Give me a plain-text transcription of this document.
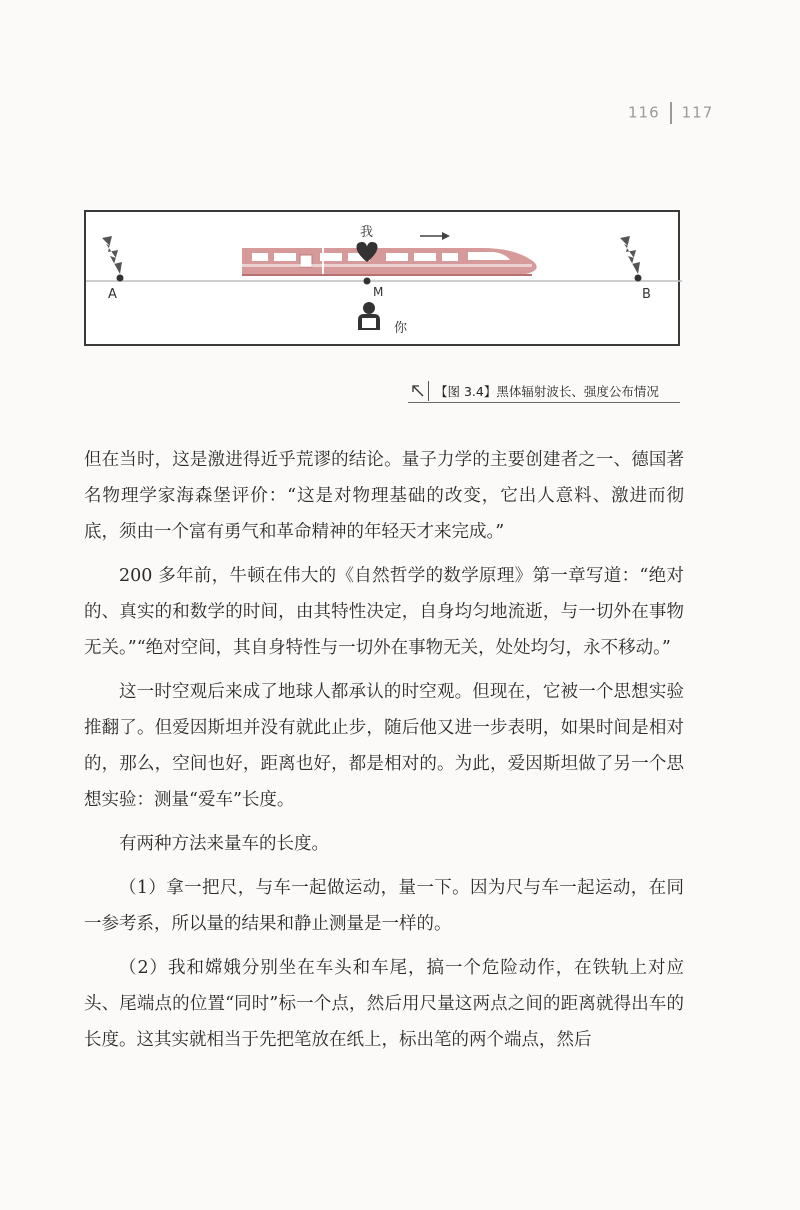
116 117
我
M
你
A	B
【图 3.4】黑体辐射波长、强度公布情况

但在当时，这是激进得近乎荒谬的结论。量子力学的主要创建者之一、德国著名物理学家海森堡评价：“这是对物理基础的改变，它出人意料、激进而彻底，须由一个富有勇气和革命精神的年轻天才来完成。”

200 多年前，牛顿在伟大的《自然哲学的数学原理》第一章写道：“绝对的、真实的和数学的时间，由其特性决定，自身均匀地流逝，与一切外在事物无关。”“绝对空间，其自身特性与一切外在事物无关，处处均匀，永不移动。”

这一时空观后来成了地球人都承认的时空观。但现在，它被一个思想实验推翻了。但爱因斯坦并没有就此止步，随后他又进一步表明，如果时间是相对的，那么，空间也好，距离也好，都是相对的。为此，爱因斯坦做了另一个思想实验：测量“爱车”长度。

有两种方法来量车的长度。

（1）拿一把尺，与车一起做运动，量一下。因为尺与车一起运动，在同一参考系，所以量的结果和静止测量是一样的。

（2）我和嫦娥分别坐在车头和车尾，搞一个危险动作，在铁轨上对应头、尾端点的位置“同时”标一个点，然后用尺量这两点之间的距离就得出车的长度。这其实就相当于先把笔放在纸上，标出笔的两个端点，然后
